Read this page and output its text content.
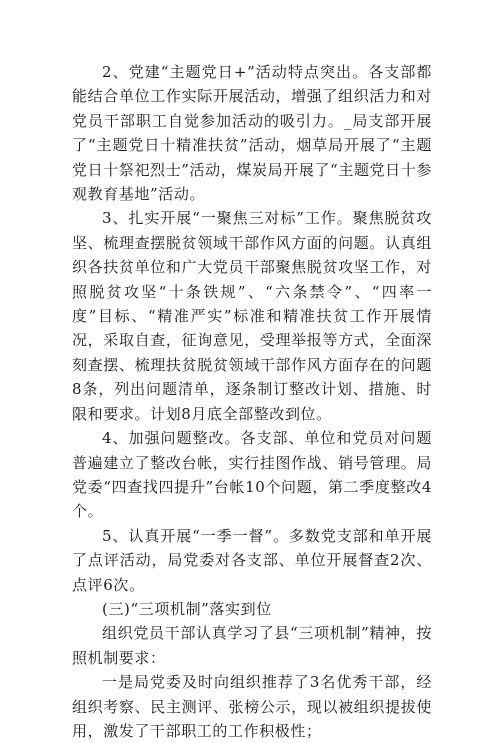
2、党建“主题党日+”活动特点突出。各支部都能结合单位工作实际开展活动，增强了组织活力和对党员干部职工自觉参加活动的吸引力。_局支部开展了“主题党日十精准扶贫”活动，烟草局开展了“主题党日十祭祀烈士”活动，煤炭局开展了“主题党日十参观教育基地”活动。

3、扎实开展“一聚焦三对标”工作。聚焦脱贫攻坚、梳理查摆脱贫领域干部作风方面的问题。认真组织各扶贫单位和广大党员干部聚焦脱贫攻坚工作，对照脱贫攻坚“十条铁规”、“六条禁令”、“四率一度”目标、“精准严实”标准和精准扶贫工作开展情况，采取自查，征询意见，受理举报等方式，全面深刻查摆、梳理扶贫脱贫领域干部作风方面存在的问题8条，列出问题清单，逐条制订整改计划、措施、时限和要求。计划8月底全部整改到位。

4、加强问题整改。各支部、单位和党员对问题普遍建立了整改台帐，实行挂图作战、销号管理。局党委“四查找四提升”台帐10个问题，第二季度整改4个。

5、认真开展“一季一督”。多数党支部和单开展了点评活动，局党委对各支部、单位开展督查2次、点评6次。

(三)“三项机制”落实到位

组织党员干部认真学习了县“三项机制”精神，按照机制要求：

一是局党委及时向组织推荐了3名优秀干部，经组织考察、民主测评、张榜公示，现以被组织提拔使用，激发了干部职工的工作积极性；
